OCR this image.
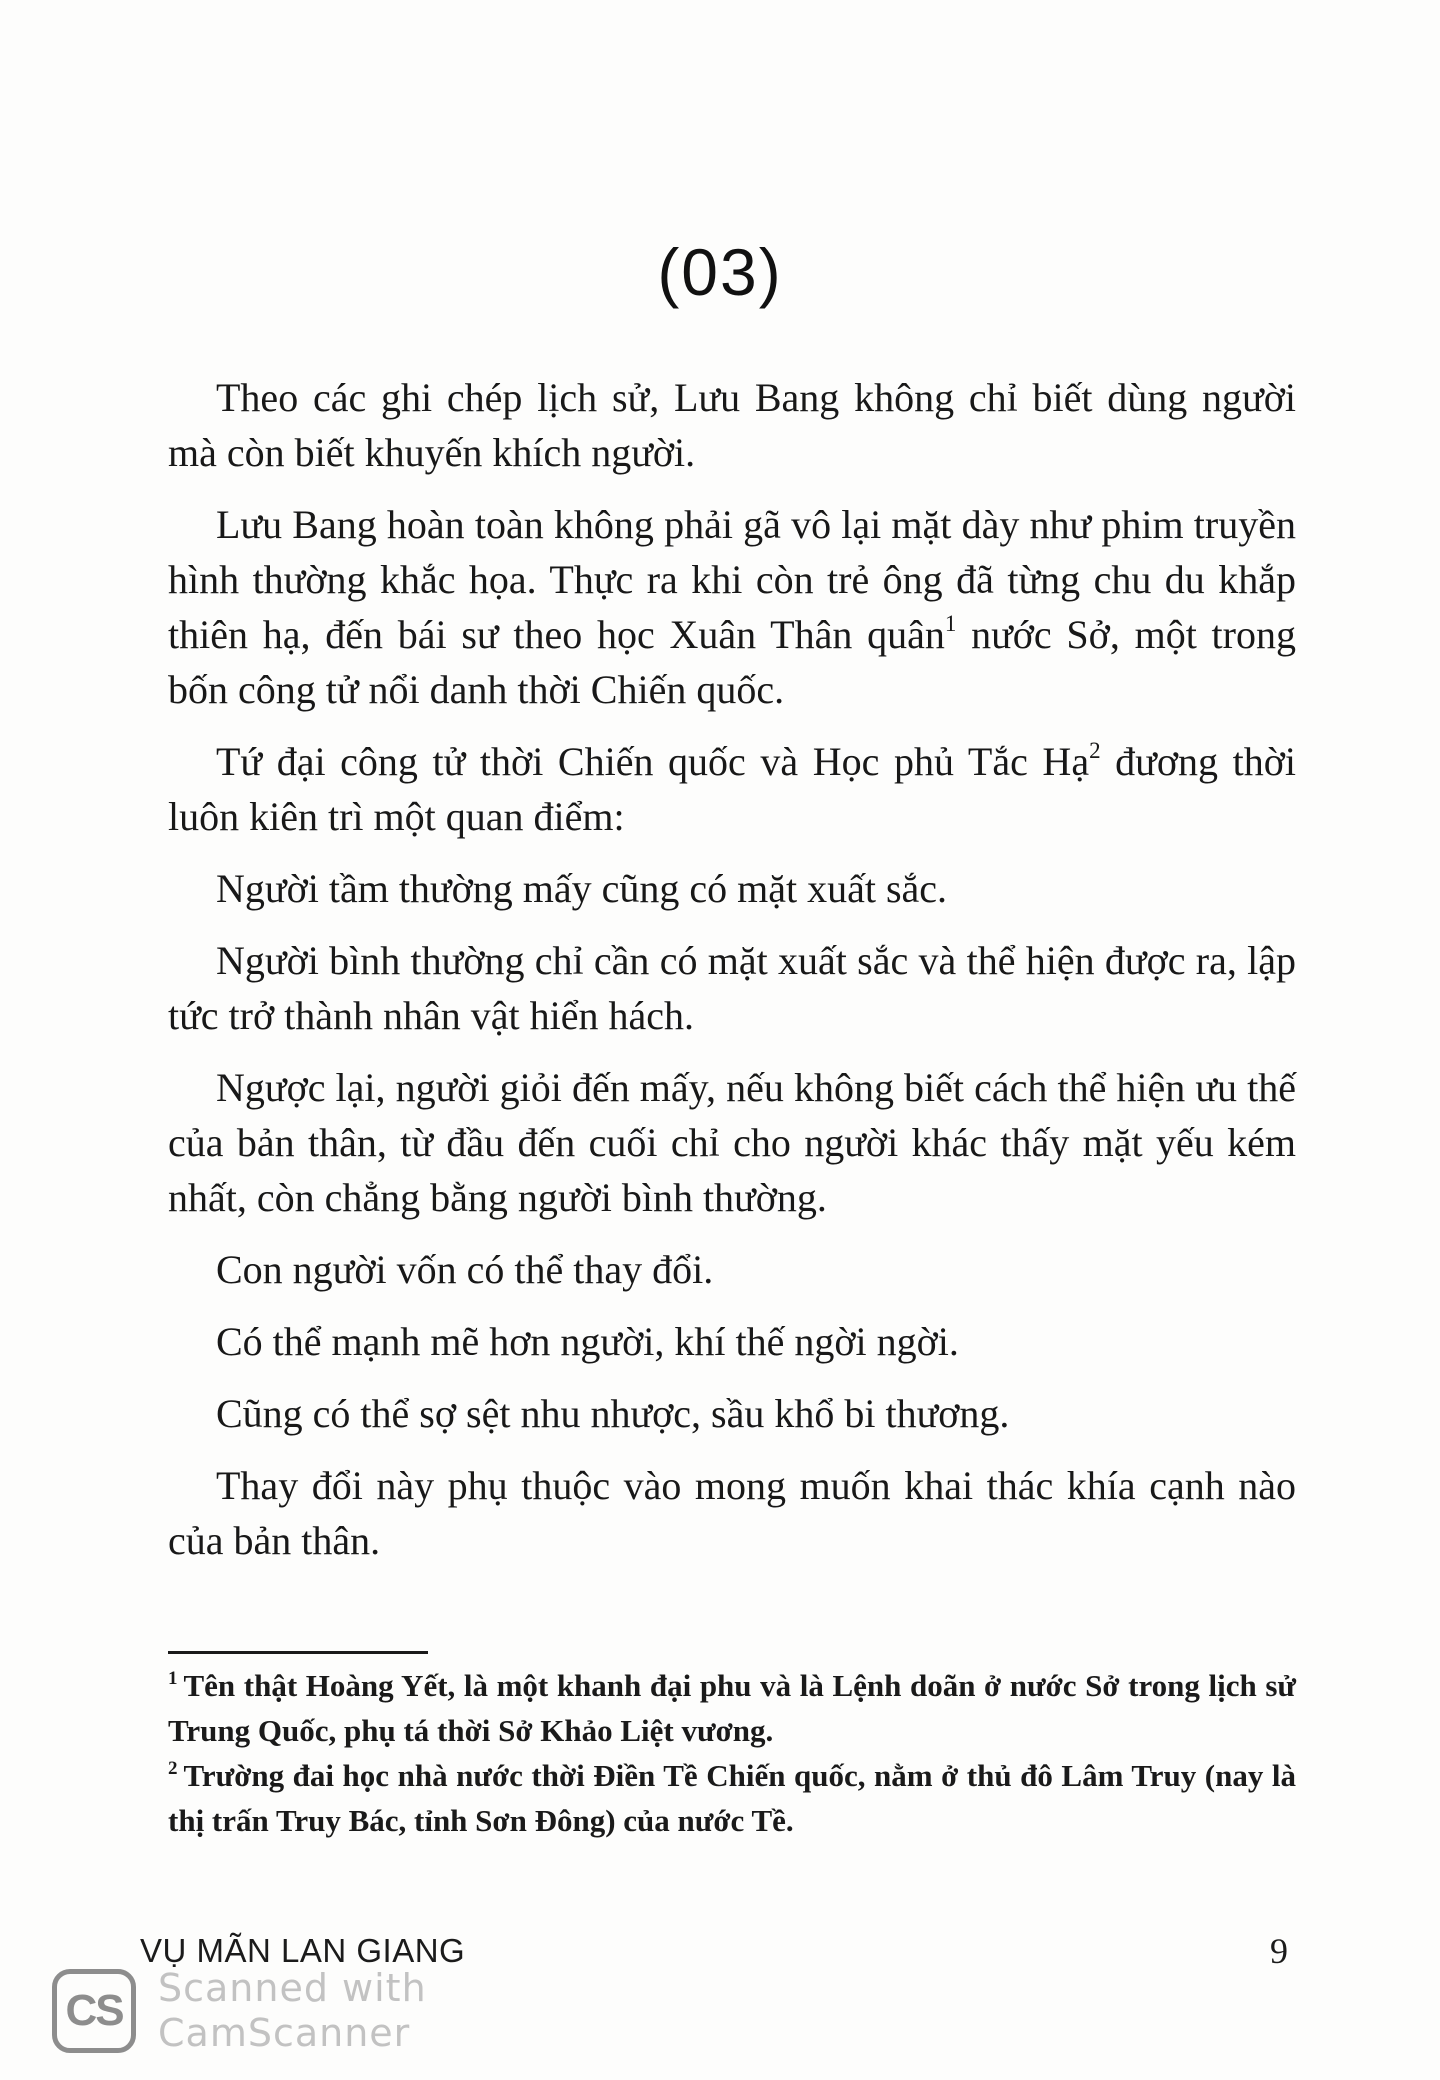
(03)

Theo các ghi chép lịch sử, Lưu Bang không chỉ biết dùng người mà còn biết khuyến khích người.

Lưu Bang hoàn toàn không phải gã vô lại mặt dày như phim truyền hình thường khắc họa. Thực ra khi còn trẻ ông đã từng chu du khắp thiên hạ, đến bái sư theo học Xuân Thân quân$^1$ nước Sở, một trong bốn công tử nổi danh thời Chiến quốc.

Tứ đại công tử thời Chiến quốc và Học phủ Tắc Hạ$^2$ đương thời luôn kiên trì một quan điểm:

Người tầm thường mấy cũng có mặt xuất sắc.

Người bình thường chỉ cần có mặt xuất sắc và thể hiện được ra, lập tức trở thành nhân vật hiển hách.

Ngược lại, người giỏi đến mấy, nếu không biết cách thể hiện ưu thế của bản thân, từ đầu đến cuối chỉ cho người khác thấy mặt yếu kém nhất, còn chẳng bằng người bình thường.

Con người vốn có thể thay đổi.

Có thể mạnh mẽ hơn người, khí thế ngời ngời.

Cũng có thể sợ sệt nhu nhược, sầu khổ bi thương.

Thay đổi này phụ thuộc vào mong muốn khai thác khía cạnh nào của bản thân.

$^1$ Tên thật Hoàng Yết, là một khanh đại phu và là Lệnh doãn ở nước Sở trong lịch sử Trung Quốc, phụ tá thời Sở Khảo Liệt vương.

$^2$ Trường đai học nhà nước thời Điền Tề Chiến quốc, nằm ở thủ đô Lâm Truy (nay là thị trấn Truy Bác, tỉnh Sơn Đông) của nước Tề.

VỤ MÃN LAN GIANG	9
CS Scanned with
CamScanner
